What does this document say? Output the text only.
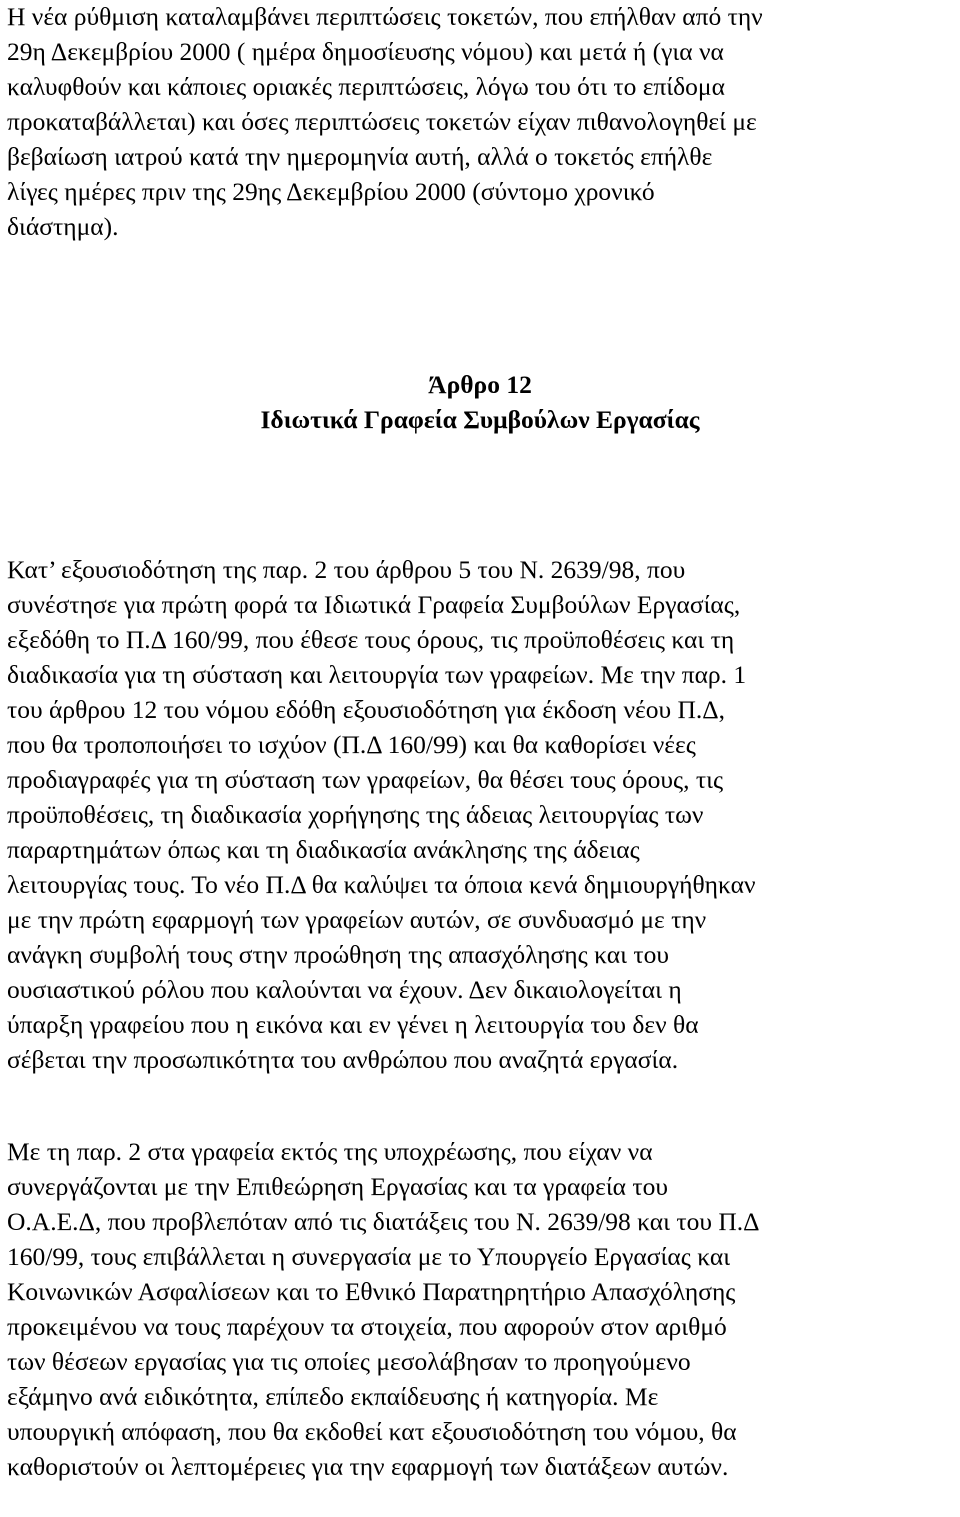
Η νέα ρύθμιση καταλαμβάνει περιπτώσεις τοκετών, που επήλθαν από την
29η Δεκεμβρίου 2000 ( ημέρα δημοσίευσης νόμου) και μετά ή (για να
καλυφθούν και κάποιες οριακές περιπτώσεις, λόγω του ότι το επίδομα
προκαταβάλλεται) και όσες περιπτώσεις τοκετών είχαν πιθανολογηθεί με
βεβαίωση ιατρού κατά την ημερομηνία αυτή, αλλά ο τοκετός επήλθε
λίγες ημέρες πριν της 29ης Δεκεμβρίου 2000 (σύντομο χρονικό
διάστημα).
Άρθρο 12
Ιδιωτικά Γραφεία Συμβούλων Εργασίας
Κατ’ εξουσιοδότηση της παρ. 2 του άρθρου 5 του Ν. 2639/98, που
συνέστησε για πρώτη φορά τα Ιδιωτικά Γραφεία Συμβούλων Εργασίας,
εξεδόθη το Π.Δ 160/99, που έθεσε τους όρους, τις προϋποθέσεις και τη
διαδικασία για τη σύσταση και λειτουργία των γραφείων. Με την παρ. 1
του άρθρου 12 του νόμου εδόθη εξουσιοδότηση για έκδοση νέου Π.Δ,
που θα τροποποιήσει το ισχύον (Π.Δ 160/99) και θα καθορίσει νέες
προδιαγραφές για τη σύσταση των γραφείων, θα θέσει τους όρους, τις
προϋποθέσεις, τη διαδικασία χορήγησης της άδειας λειτουργίας των
παραρτημάτων όπως και τη διαδικασία ανάκλησης της άδειας
λειτουργίας τους. Το νέο Π.Δ θα καλύψει τα όποια κενά δημιουργήθηκαν
με την πρώτη εφαρμογή των γραφείων αυτών, σε συνδυασμό με την
ανάγκη συμβολή τους στην προώθηση της απασχόλησης και του
ουσιαστικού ρόλου που καλούνται να έχουν. Δεν δικαιολογείται η
ύπαρξη γραφείου που η εικόνα και εν γένει η λειτουργία του δεν θα
σέβεται την προσωπικότητα του ανθρώπου που αναζητά εργασία.
Με τη παρ. 2 στα γραφεία εκτός της υποχρέωσης, που είχαν να
συνεργάζονται με την Επιθεώρηση Εργασίας και τα γραφεία του
Ο.Α.Ε.Δ, που προβλεπόταν από τις διατάξεις του Ν. 2639/98 και του Π.Δ
160/99, τους επιβάλλεται η συνεργασία με το Υπουργείο Εργασίας και
Κοινωνικών Ασφαλίσεων και το Εθνικό Παρατηρητήριο Απασχόλησης
προκειμένου να τους παρέχουν τα στοιχεία, που αφορούν στον αριθμό
των θέσεων εργασίας για τις οποίες μεσολάβησαν το προηγούμενο
εξάμηνο ανά ειδικότητα, επίπεδο εκπαίδευσης ή κατηγορία. Με
υπουργική απόφαση, που θα εκδοθεί κατ εξουσιοδότηση του νόμου, θα
καθοριστούν οι λεπτομέρειες για την εφαρμογή των διατάξεων αυτών.
